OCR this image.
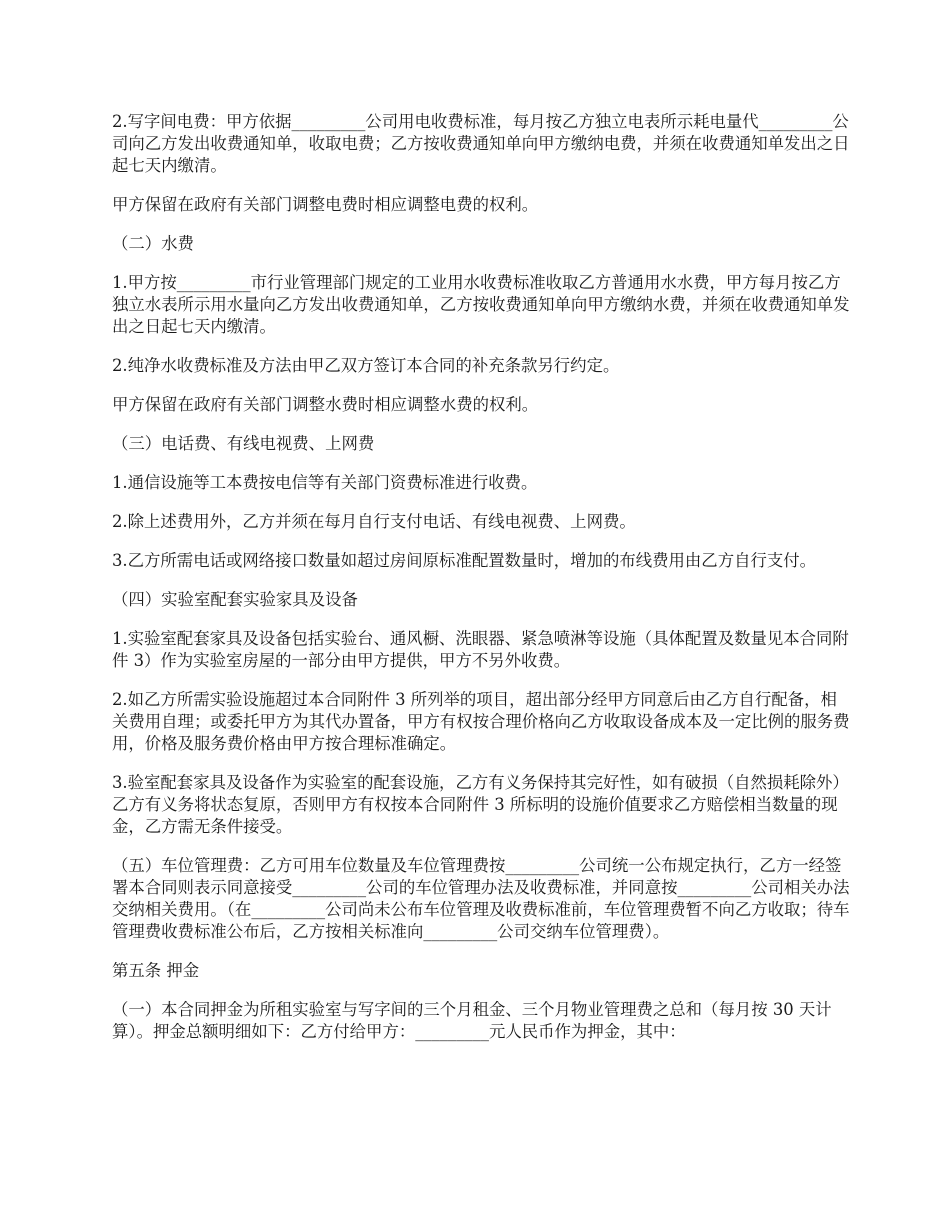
2.写字间电费：甲方依据_________公司用电收费标准，每月按乙方独立电表所示耗电量代_________公司向乙方发出收费通知单，收取电费；乙方按收费通知单向甲方缴纳电费，并须在收费通知单发出之日起七天内缴清。

甲方保留在政府有关部门调整电费时相应调整电费的权利。

（二）水费

1.甲方按_________市行业管理部门规定的工业用水收费标准收取乙方普通用水水费，甲方每月按乙方独立水表所示用水量向乙方发出收费通知单，乙方按收费通知单向甲方缴纳水费，并须在收费通知单发出之日起七天内缴清。

2.纯净水收费标准及方法由甲乙双方签订本合同的补充条款另行约定。

甲方保留在政府有关部门调整水费时相应调整水费的权利。

（三）电话费、有线电视费、上网费

1.通信设施等工本费按电信等有关部门资费标准进行收费。

2.除上述费用外，乙方并须在每月自行支付电话、有线电视费、上网费。

3.乙方所需电话或网络接口数量如超过房间原标准配置数量时，增加的布线费用由乙方自行支付。

（四）实验室配套实验家具及设备

1.实验室配套家具及设备包括实验台、通风橱、洗眼器、紧急喷淋等设施（具体配置及数量见本合同附件 3）作为实验室房屋的一部分由甲方提供，甲方不另外收费。

2.如乙方所需实验设施超过本合同附件 3 所列举的项目，超出部分经甲方同意后由乙方自行配备，相关费用自理；或委托甲方为其代办置备，甲方有权按合理价格向乙方收取设备成本及一定比例的服务费用，价格及服务费价格由甲方按合理标准确定。

3.验室配套家具及设备作为实验室的配套设施，乙方有义务保持其完好性，如有破损（自然损耗除外）乙方有义务将状态复原，否则甲方有权按本合同附件 3 所标明的设施价值要求乙方赔偿相当数量的现金，乙方需无条件接受。

（五）车位管理费：乙方可用车位数量及车位管理费按_________公司统一公布规定执行，乙方一经签署本合同则表示同意接受_________公司的车位管理办法及收费标准，并同意按_________公司相关办法交纳相关费用。（在_________公司尚未公布车位管理及收费标准前，车位管理费暂不向乙方收取；待车管理费收费标准公布后，乙方按相关标准向_________公司交纳车位管理费）。

第五条 押金

（一）本合同押金为所租实验室与写字间的三个月租金、三个月物业管理费之总和（每月按 30 天计算）。押金总额明细如下：乙方付给甲方：_________元人民币作为押金，其中：
